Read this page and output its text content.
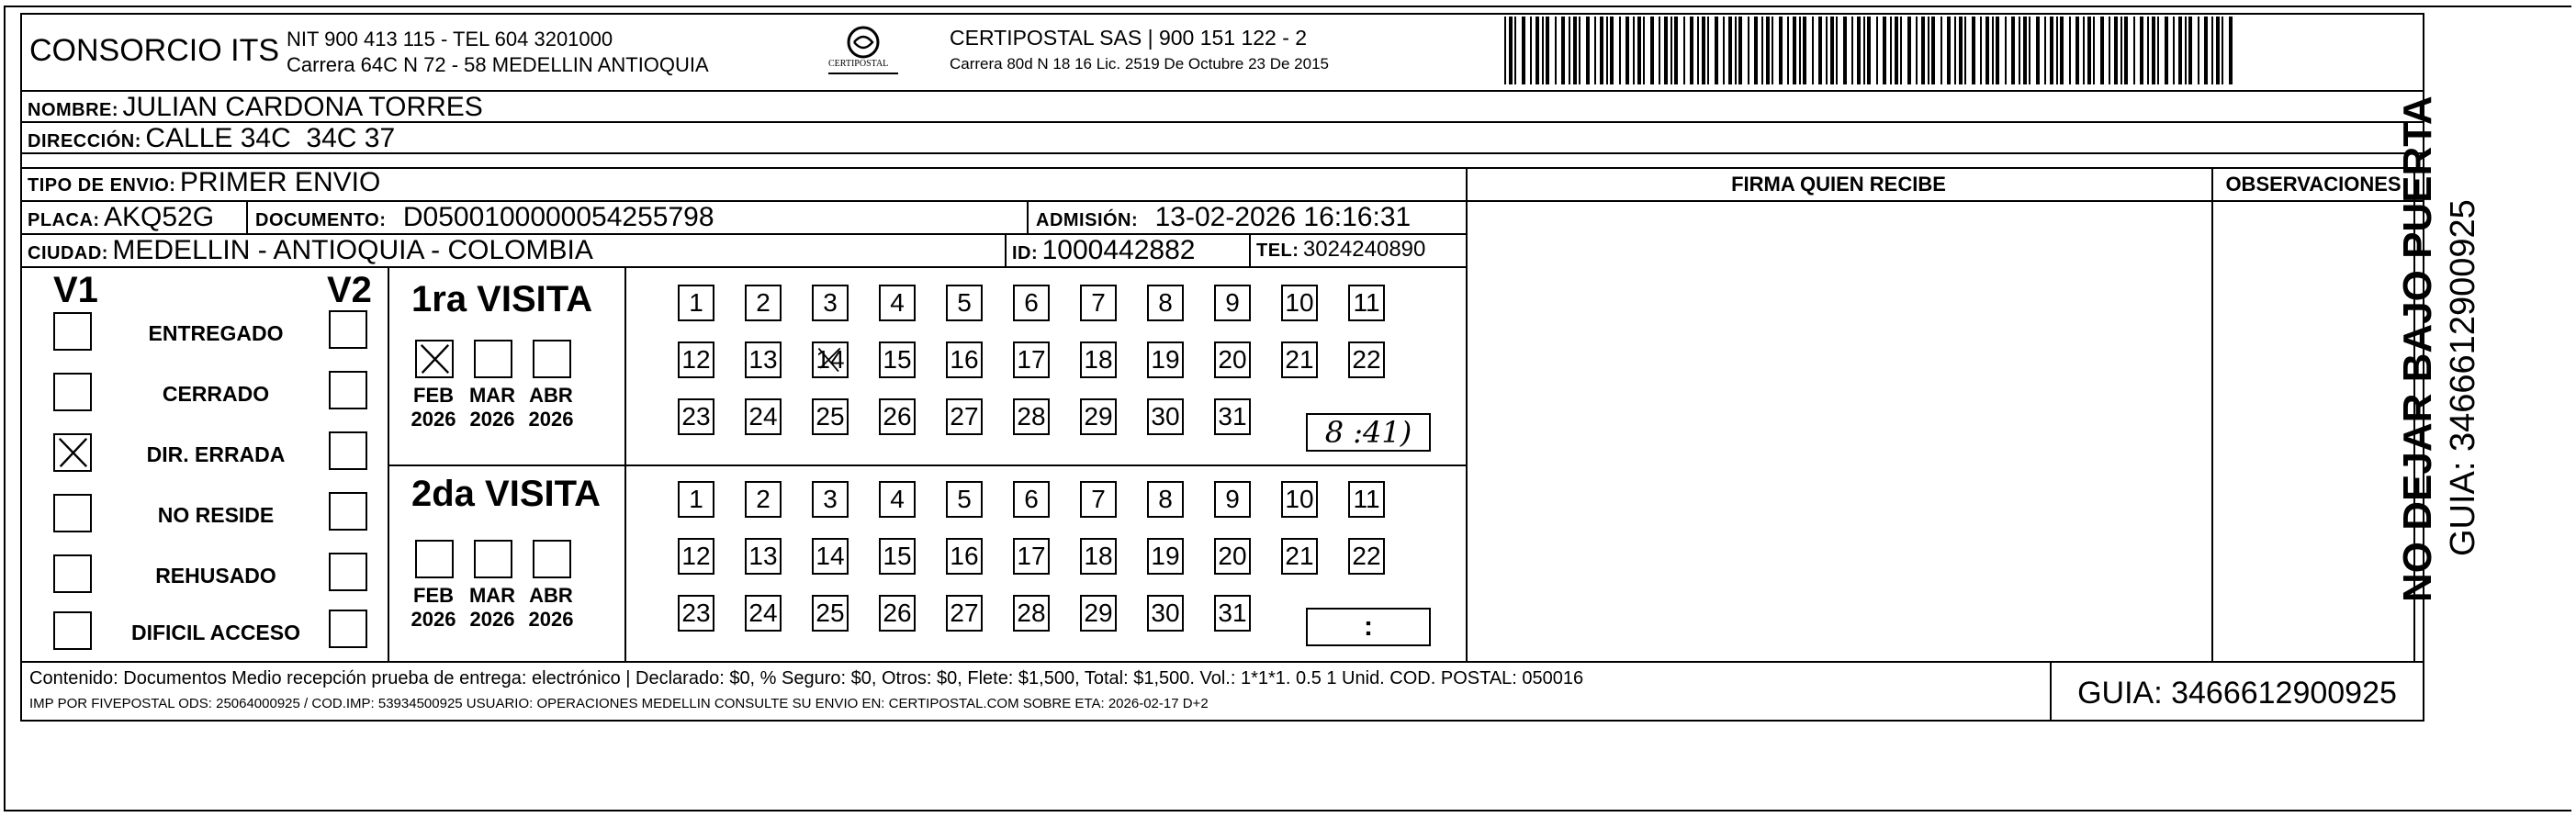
CONSORCIO ITS NIT 900 413 115 - TEL 604 3201000
Carrera 64C N 72 - 58 MEDELLIN ANTIOQUIA	CERTIPOSTAL
CERTIPOSTAL SAS | 900 151 122 - 2
Carrera 80d N 18 16 Lic. 2519 De Octubre 23 De 2015
NOMBRE: JULIAN CARDONA TORRES
DIRECCIÓN: CALLE 34C  34C 37
TIPO DE ENVIO: PRIMER ENVIO
PLACA: AKQ52G DOCUMENTO: D0500100000054255798	ADMISIÓN: 13-02-2026 16:16:31
CIUDAD: MEDELLIN - ANTIOQUIA - COLOMBIA	ID: 1000442882	TEL: 3024240890
FIRMA QUIEN RECIBE	OBSERVACIONES
V1	V2
ENTREGADO
CERRADO
DIR. ERRADA
NO RESIDE
REHUSADO
DIFICIL ACCESO
1ra VISITA
FEB
2026
MAR
2026
ABR
2026
1	2	3	4	5	6	7	8	9	10 11
12 13 14 15 16 17 18 19 20 21 22
23 24 25 26 27 28 29 30 31	8 :41)
2da VISITA
FEB
2026
MAR
2026
ABR
2026
1	2	3	4	5	6	7	8	9	10 11
12 13 14 15 16 17 18 19 20 21 22
23 24 25 26 27 28 29 30 31	:
Contenido: Documentos Medio recepción prueba de entrega: electrónico | Declarado: $0, % Seguro: $0, Otros: $0, Flete: $1,500, Total: $1,500. Vol.: 1*1*1. 0.5 1 Unid. COD. POSTAL: 050016
IMP POR FIVEPOSTAL ODS: 25064000925 / COD.IMP: 53934500925 USUARIO: OPERACIONES MEDELLIN CONSULTE SU ENVIO EN: CERTIPOSTAL.COM SOBRE ETA: 2026-02-17 D+2	GUIA: 3466612900925
NO DEJAR BAJO PUERTA GUIA: 3466612900925
